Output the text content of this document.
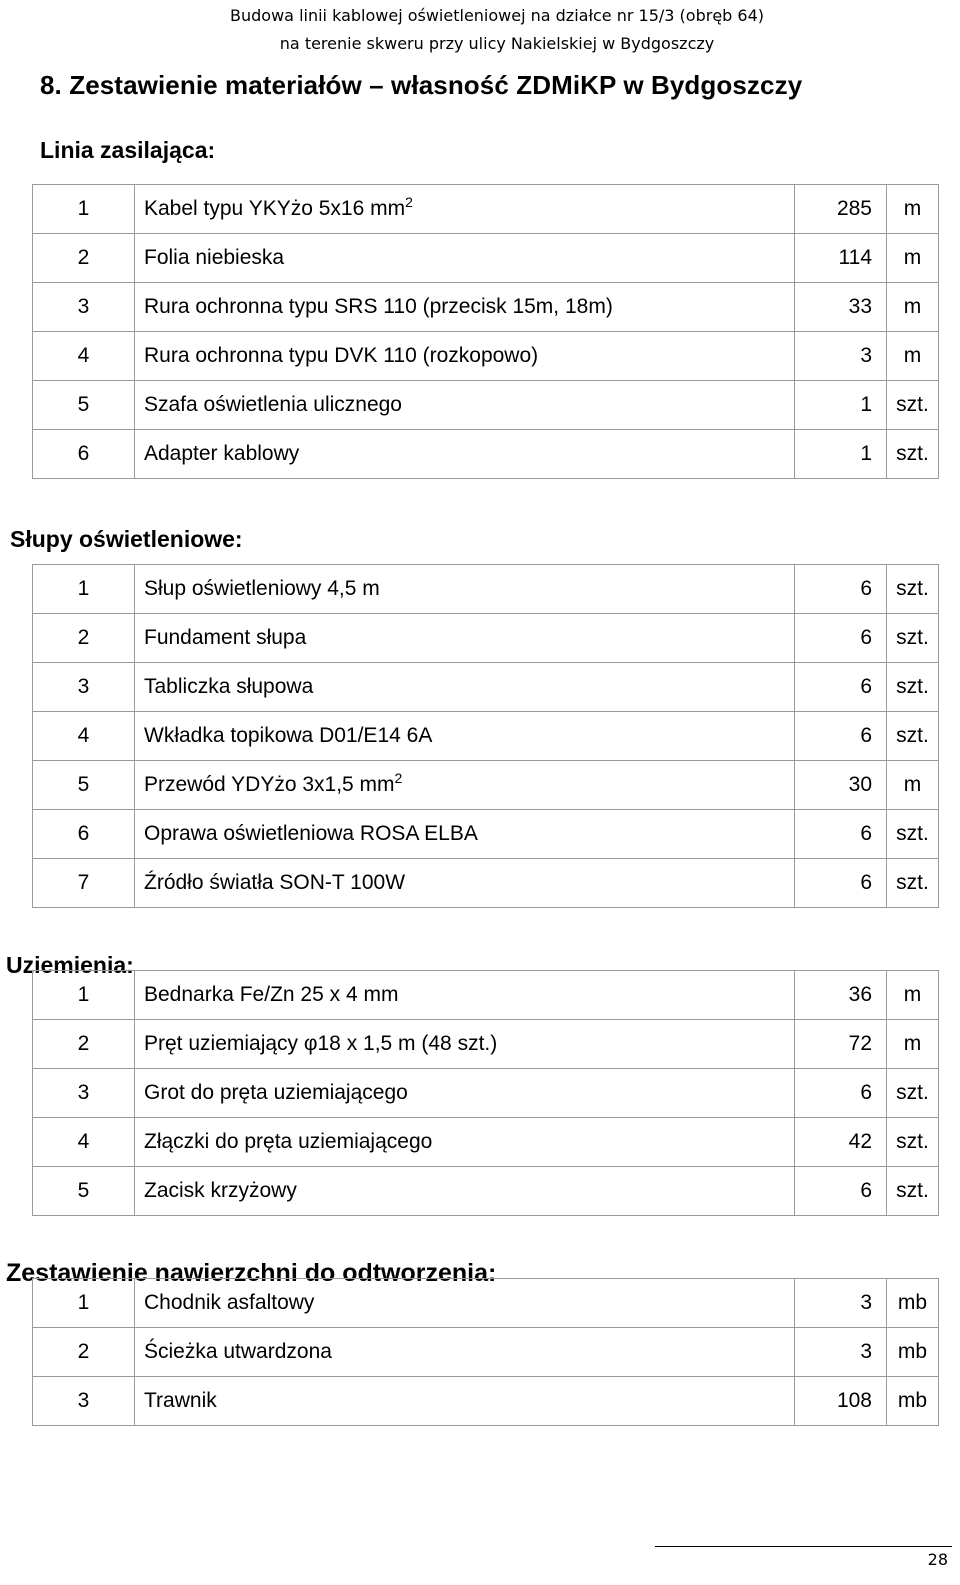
Budowa linii kablowej oświetleniowej na działce nr 15/3 (obręb 64)
na terenie skweru przy ulicy Nakielskiej w Bydgoszczy
8. Zestawienie materiałów – własność ZDMiKP w Bydgoszczy
Linia zasilająca:
1	Kabel typu YKYżo 5x16 $mm^2$	285	m
2	Folia niebieska	114	m
3	Rura ochronna typu SRS 110 (przecisk 15m, 18m)	33	m
4	Rura ochronna typu DVK 110 (rozkopowo)	3	m
5	Szafa oświetlenia ulicznego	1	szt.
6	Adapter kablowy	1	szt.
Słupy oświetleniowe:
1	Słup oświetleniowy 4,5 m	6	szt.
2	Fundament słupa	6	szt.
3	Tabliczka słupowa	6	szt.
4	Wkładka topikowa D01/E14 6A	6	szt.
5	Przewód YDYżo 3x1,5 $mm^2$	30	m
6	Oprawa oświetleniowa ROSA ELBA	6	szt.
7	Źródło światła SON-T 100W	6	szt.
Uziemienia:
1	Bednarka Fe/Zn 25 x 4 mm	36	m
2	Pręt uziemiający φ18 x 1,5 m (48 szt.)	72	m
3	Grot do pręta uziemiającego	6	szt.
4	Złączki do pręta uziemiającego	42	szt.
5	Zacisk krzyżowy	6	szt.
Zestawienie nawierzchni do odtworzenia:
1	Chodnik asfaltowy	3	mb
2	Ścieżka utwardzona	3	mb
3	Trawnik	108	mb
28
